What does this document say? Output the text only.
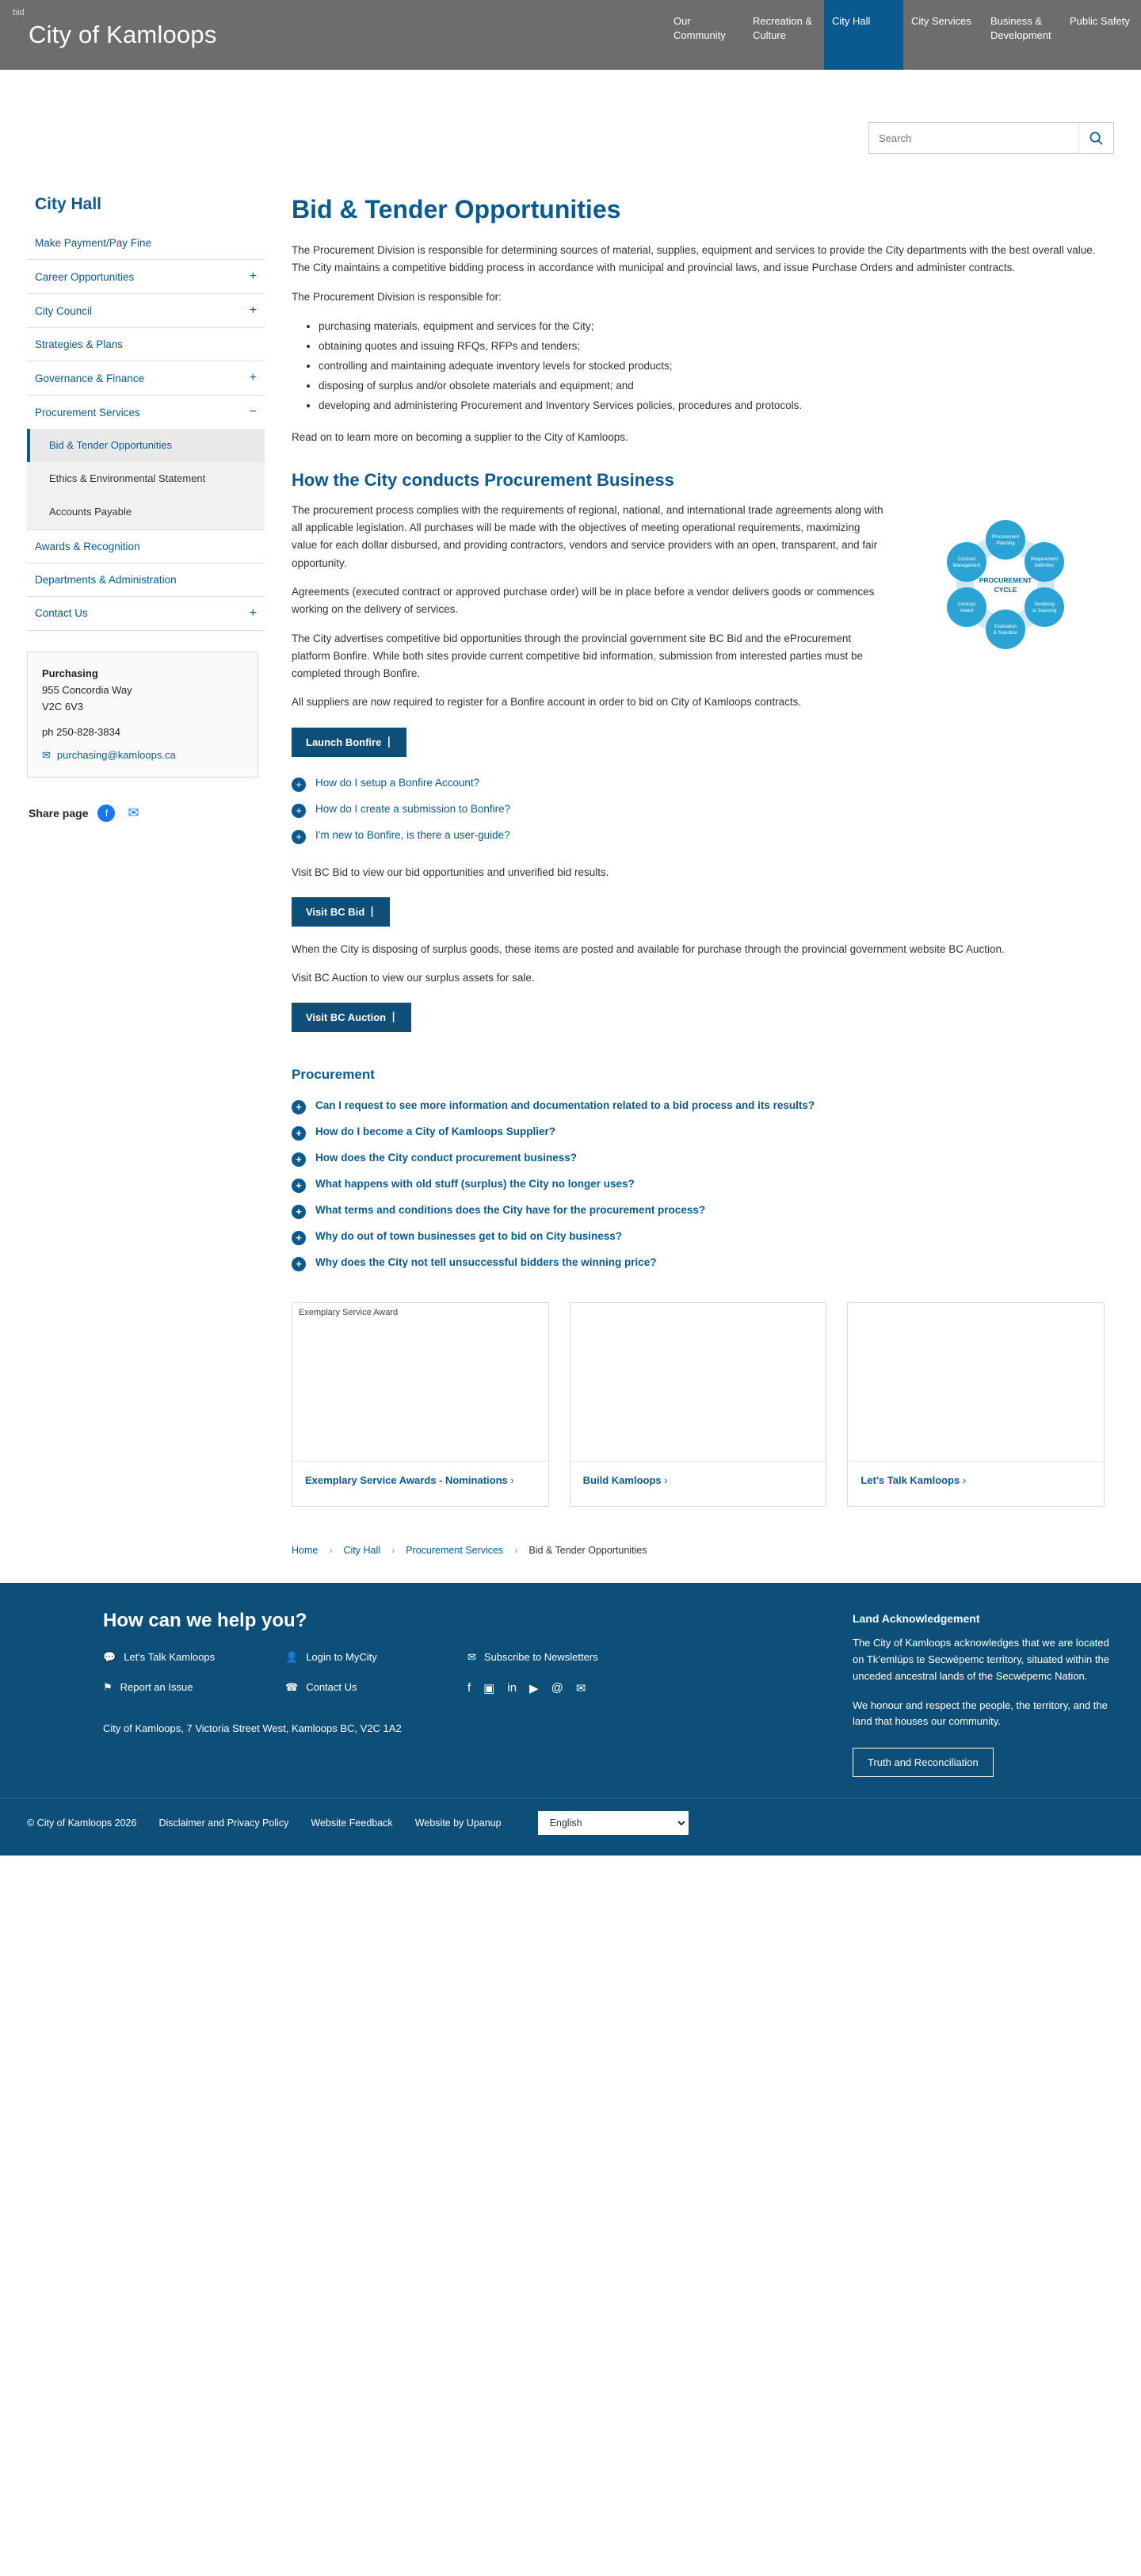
bid
City of Kamloops	Our Community
Recreation & Culture
City Hall	City Services	Business & Development
Public Safety
Search
City Hall
Make Payment/Pay Fine
Career Opportunities	+
City Council	+
Strategies & Plans
Governance & Finance	+
Procurement Services	−
Bid & Tender Opportunities
Ethics & Environmental Statement
Accounts Payable
Awards & Recognition
Departments & Administration
Contact Us	+
Purchasing
955 Concordia Way
V2C 6V3
ph 250-828-3834
✉ purchasing@kamloops.ca
Share page	f	✉
Bid & Tender Opportunities

The Procurement Division is responsible for determining sources of material, supplies, equipment and services to provide the City departments with the best overall value. The City maintains a competitive bidding process in accordance with municipal and provincial laws, and issue Purchase Orders and administer contracts.

The Procurement Division is responsible for:

• purchasing materials, equipment and services for the City;
• obtaining quotes and issuing RFQs, RFPs and tenders;
• controlling and maintaining adequate inventory levels for stocked products;
• disposing of surplus and/or obsolete materials and equipment; and
• developing and administering Procurement and Inventory Services policies, procedures and protocols.

Read on to learn more on becoming a supplier to the City of Kamloops.

How the City conducts Procurement Business
Procurement
Planning
Requirement
Definition
Tendering
or Sourcing
Evaluation
& Selection
Contract
Award
Contract
Management
PROCUREMENT
CYCLE

The procurement process complies with the requirements of regional, national, and international trade agreements along with all applicable legislation. All purchases will be made with the objectives of meeting operational requirements, maximizing value for each dollar disbursed, and providing contractors, vendors and service providers with an open, transparent, and fair opportunity.

Agreements (executed contract or approved purchase order) will be in place before a vendor delivers goods or commences working on the delivery of services.

The City advertises competitive bid opportunities through the provincial government site BC Bid and the eProcurement platform Bonfire. While both sites provide current competitive bid information, submission from interested parties must be completed through Bonfire.

All suppliers are now required to register for a Bonfire account in order to bid on City of Kamloops contracts.

Launch Bonfire ⎢
+	How do I setup a Bonfire Account?
+	How do I create a submission to Bonfire?
+	I'm new to Bonfire, is there a user-guide?

Visit BC Bid to view our bid opportunities and unverified bid results.

Visit BC Bid ⎢

When the City is disposing of surplus goods, these items are posted and available for purchase through the provincial government website BC Auction.

Visit BC Auction to view our surplus assets for sale.

Visit BC Auction ⎢
Procurement
+	Can I request to see more information and documentation related to a bid process and its results?
+	How do I become a City of Kamloops Supplier?
+	How does the City conduct procurement business?
+	What happens with old stuff (surplus) the City no longer uses?
+	What terms and conditions does the City have for the procurement process?
+	Why do out of town businesses get to bid on City business?
+	Why does the City not tell unsuccessful bidders the winning price?
Exemplary Service Award
Exemplary Service Awards - Nominations ›	Build Kamloops ›	Let's Talk Kamloops ›
Home › City Hall › Procurement Services › Bid & Tender Opportunities
How can we help you?
💬 Let's Talk Kamloops
⚑ Report an Issue
👤 Login to MyCity
☎ Contact Us
✉ Subscribe to Newsletters
f ▣ in ▶ @ ✉
City of Kamloops, 7 Victoria Street West, Kamloops BC, V2C 1A2
Land Acknowledgement

The City of Kamloops acknowledges that we are located on Tk’emlúps te Secwépemc territory, situated within the unceded ancestral lands of the Secwépemc Nation.

We honour and respect the people, the territory, and the land that houses our community.

Truth and Reconciliation
© City of Kamloops 2026 Disclaimer and Privacy Policy Website Feedback Website by Upanup
English
